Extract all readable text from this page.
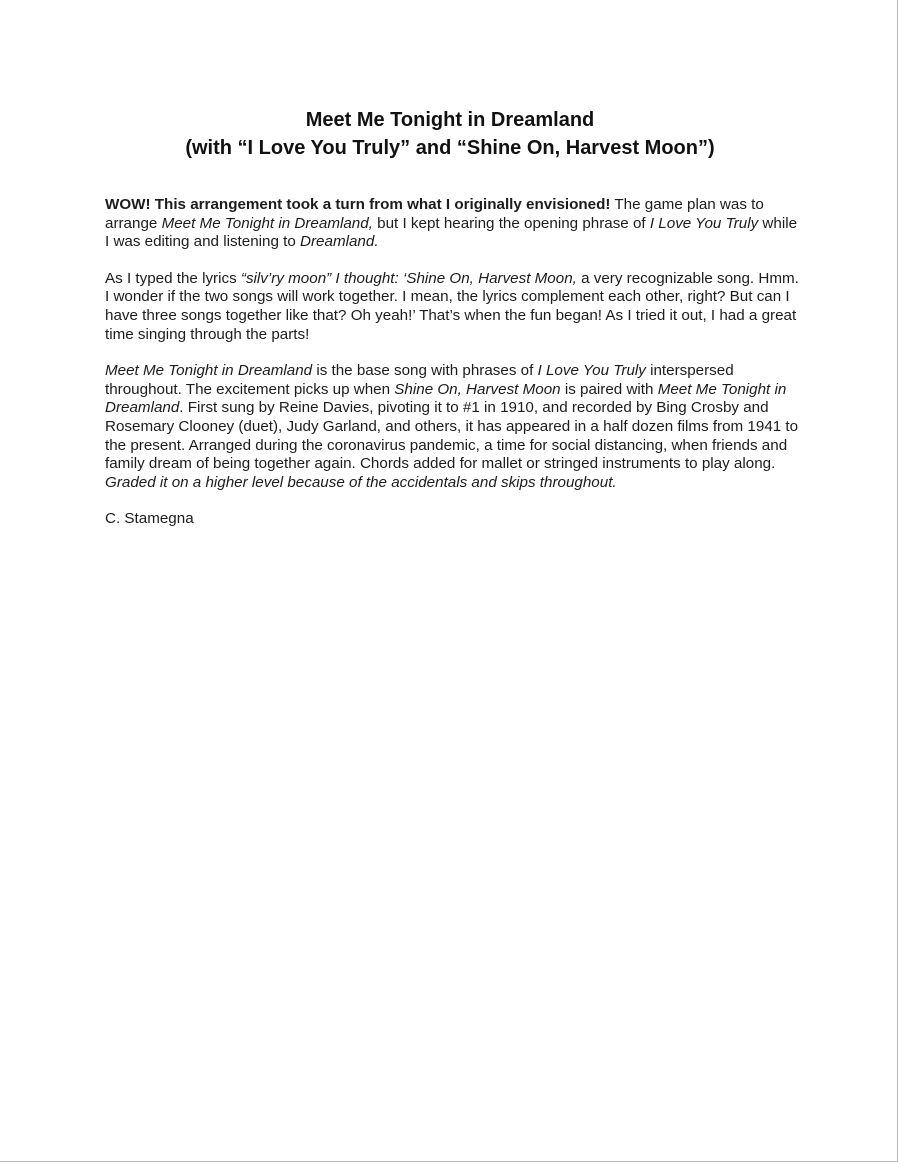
Meet Me Tonight in Dreamland

(with “I Love You Truly” and “Shine On, Harvest Moon”)

WOW! This arrangement took a turn from what I originally envisioned! The game plan was to arrange Meet Me Tonight in Dreamland, but I kept hearing the opening phrase of I Love You Truly while I was editing and listening to Dreamland.

As I typed the lyrics “silv’ry moon” I thought: ‘Shine On, Harvest Moon, a very recognizable song. Hmm. I wonder if the two songs will work together. I mean, the lyrics complement each other, right? But can I have three songs together like that? Oh yeah!’ That’s when the fun began! As I tried it out, I had a great time singing through the parts!

Meet Me Tonight in Dreamland is the base song with phrases of I Love You Truly interspersed throughout. The excitement picks up when Shine On, Harvest Moon is paired with Meet Me Tonight in Dreamland. First sung by Reine Davies, pivoting it to #1 in 1910, and recorded by Bing Crosby and Rosemary Clooney (duet), Judy Garland, and others, it has appeared in a half dozen films from 1941 to the present. Arranged during the coronavirus pandemic, a time for social distancing, when friends and family dream of being together again. Chords added for mallet or stringed instruments to play along. Graded it on a higher level because of the accidentals and skips throughout.

C. Stamegna
